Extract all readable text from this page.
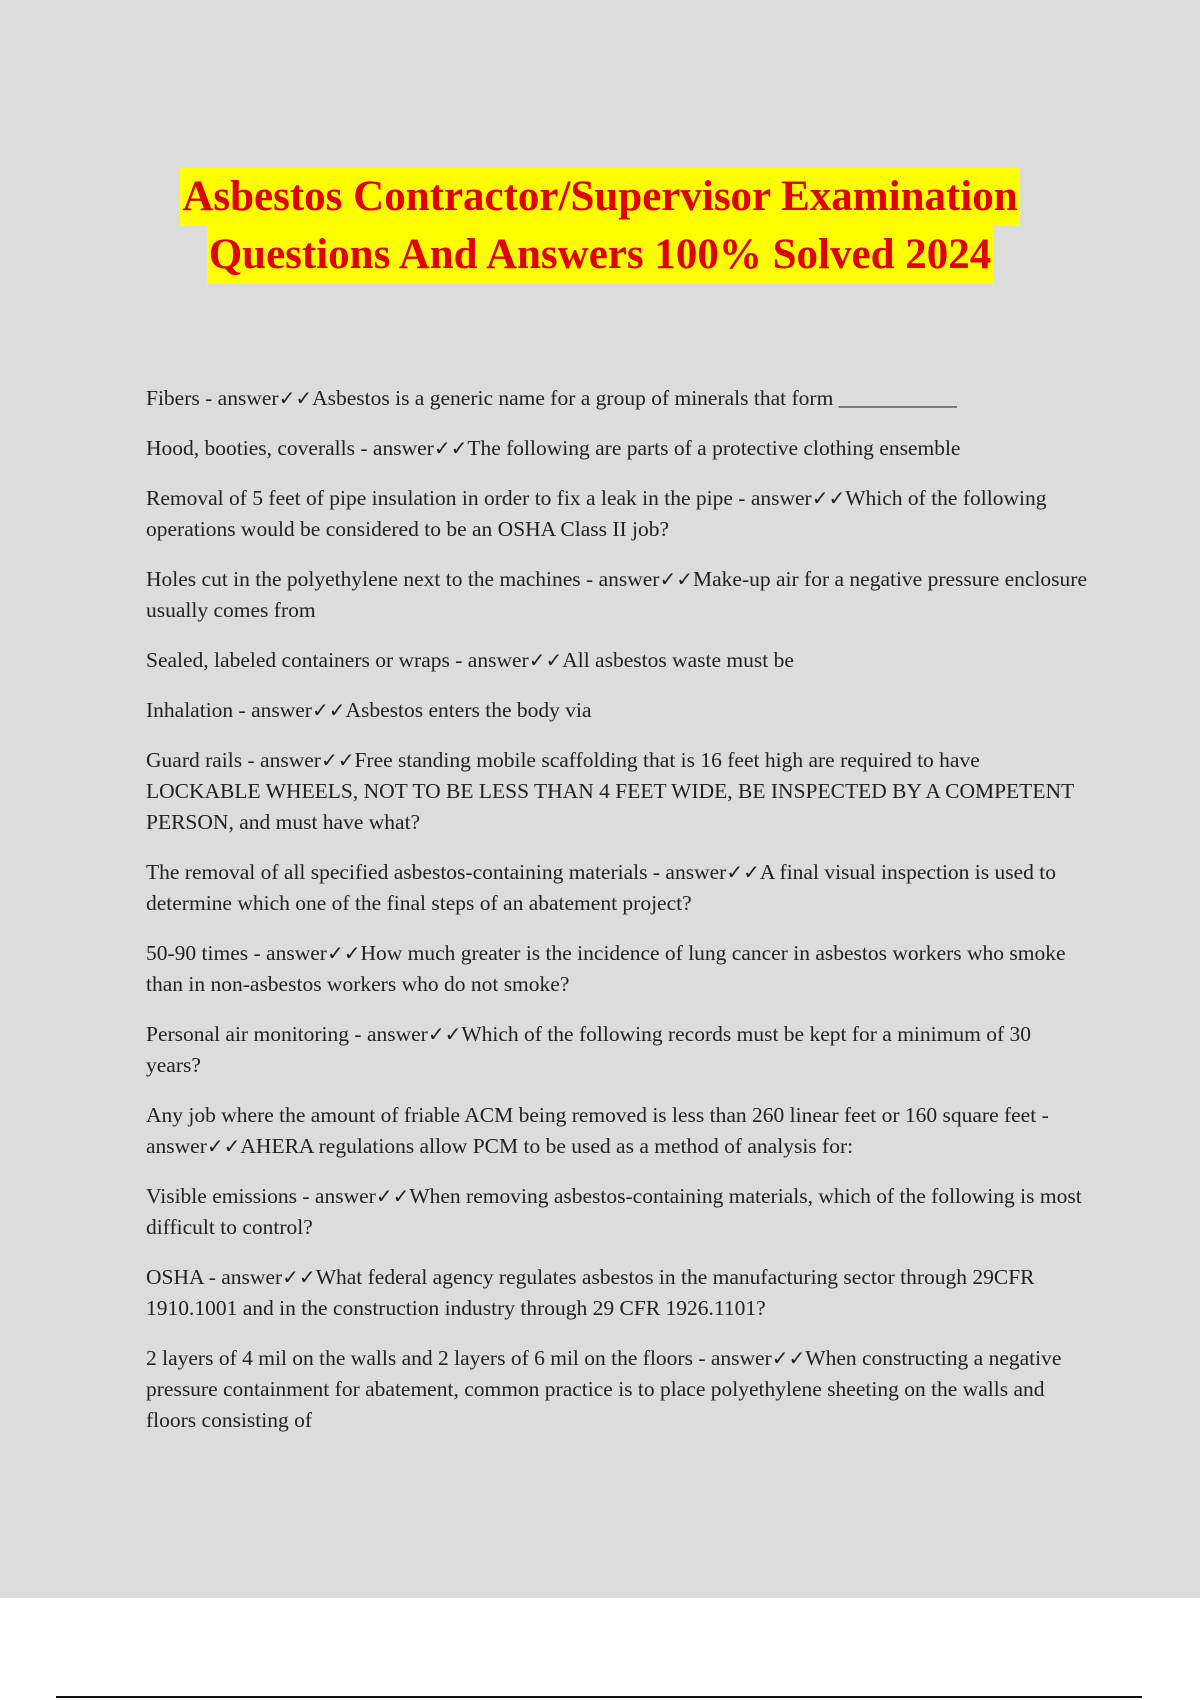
Asbestos Contractor/Supervisor Examination
Questions And Answers 100% Solved 2024

Fibers - answer✓✓Asbestos is a generic name for a group of minerals that form ___________

Hood, booties, coveralls - answer✓✓The following are parts of a protective clothing ensemble

Removal of 5 feet of pipe insulation in order to fix a leak in the pipe - answer✓✓Which of the following operations would be considered to be an OSHA Class II job?

Holes cut in the polyethylene next to the machines - answer✓✓Make-up air for a negative pressure enclosure usually comes from

Sealed, labeled containers or wraps - answer✓✓All asbestos waste must be

Inhalation - answer✓✓Asbestos enters the body via

Guard rails - answer✓✓Free standing mobile scaffolding that is 16 feet high are required to have LOCKABLE WHEELS, NOT TO BE LESS THAN 4 FEET WIDE, BE INSPECTED BY A COMPETENT PERSON, and must have what?

The removal of all specified asbestos-containing materials - answer✓✓A final visual inspection is used to determine which one of the final steps of an abatement project?

50-90 times - answer✓✓How much greater is the incidence of lung cancer in asbestos workers who smoke than in non-asbestos workers who do not smoke?

Personal air monitoring - answer✓✓Which of the following records must be kept for a minimum of 30 years?

Any job where the amount of friable ACM being removed is less than 260 linear feet or 160 square feet - answer✓✓AHERA regulations allow PCM to be used as a method of analysis for:

Visible emissions - answer✓✓When removing asbestos-containing materials, which of the following is most difficult to control?

OSHA - answer✓✓What federal agency regulates asbestos in the manufacturing sector through 29CFR 1910.1001 and in the construction industry through 29 CFR 1926.1101?

2 layers of 4 mil on the walls and 2 layers of 6 mil on the floors - answer✓✓When constructing a negative pressure containment for abatement, common practice is to place polyethylene sheeting on the walls and floors consisting of
